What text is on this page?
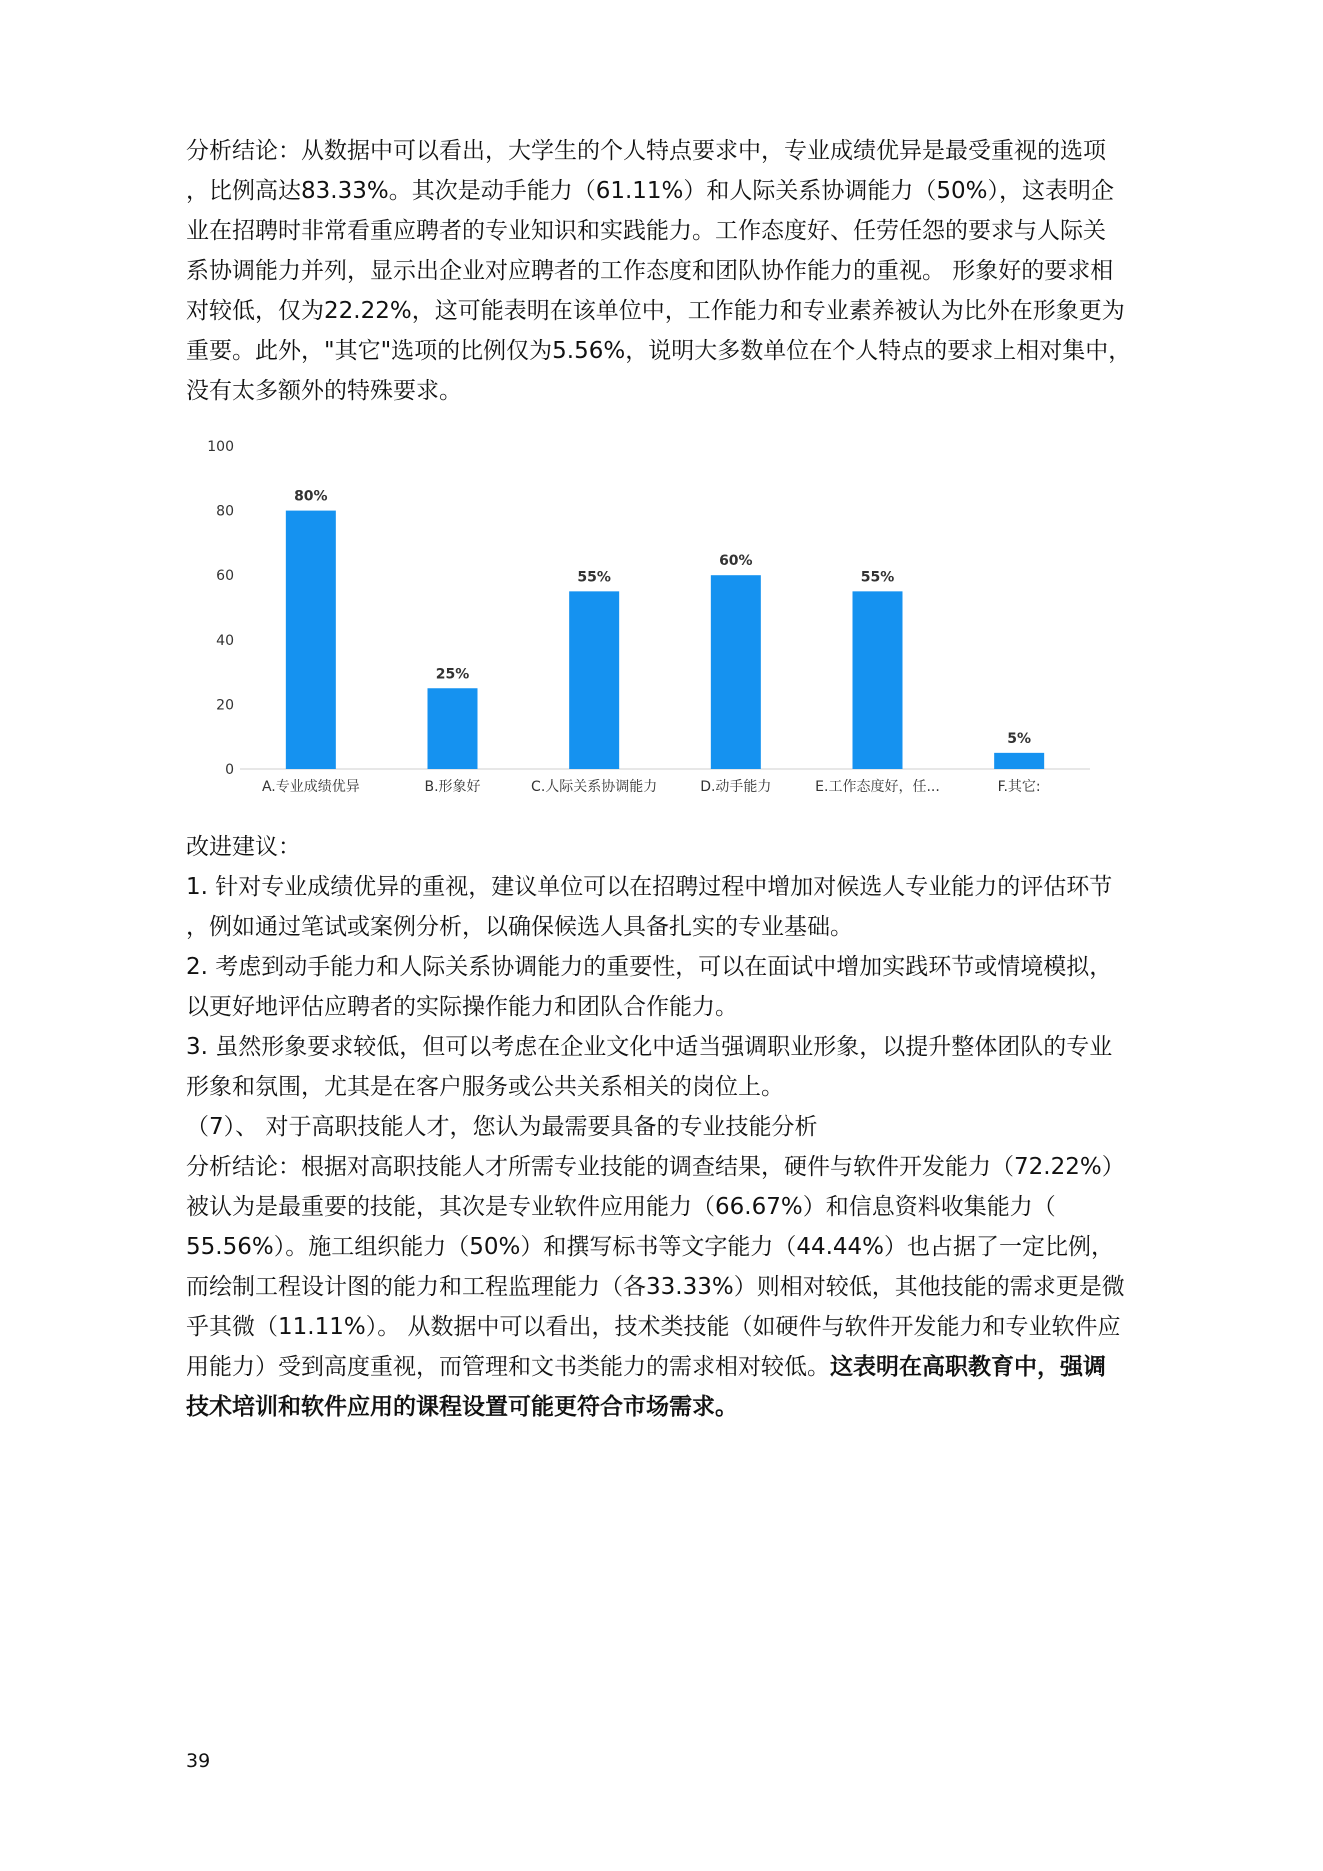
分析结论：从数据中可以看出，大学生的个人特点要求中，专业成绩优异是最受重视的选项
，比例高达83.33%。其次是动手能力（61.11%）和人际关系协调能力（50%），这表明企
业在招聘时非常看重应聘者的专业知识和实践能力。工作态度好、任劳任怨的要求与人际关
系协调能力并列，显示出企业对应聘者的工作态度和团队协作能力的重视。 形象好的要求相
对较低，仅为22.22%，这可能表明在该单位中，工作能力和专业素养被认为比外在形象更为
重要。此外，"其它"选项的比例仅为5.56%，说明大多数单位在个人特点的要求上相对集中，
没有太多额外的特殊要求。
0
20
40
60
80
100
80%
A.专业成绩优异
25%
B.形象好
55%
C.人际关系协调能力
60%
D.动手能力
55%
E.工作态度好，任...
5%
F.其它:
改进建议：
1. 针对专业成绩优异的重视，建议单位可以在招聘过程中增加对候选人专业能力的评估环节
，例如通过笔试或案例分析，以确保候选人具备扎实的专业基础。
2. 考虑到动手能力和人际关系协调能力的重要性，可以在面试中增加实践环节或情境模拟，
以更好地评估应聘者的实际操作能力和团队合作能力。
3. 虽然形象要求较低，但可以考虑在企业文化中适当强调职业形象，以提升整体团队的专业
形象和氛围，尤其是在客户服务或公共关系相关的岗位上。
（7）、 对于高职技能人才，您认为最需要具备的专业技能分析
分析结论：根据对高职技能人才所需专业技能的调查结果，硬件与软件开发能力（72.22%）
被认为是最重要的技能，其次是专业软件应用能力（66.67%）和信息资料收集能力（
55.56%）。施工组织能力（50%）和撰写标书等文字能力（44.44%）也占据了一定比例，
而绘制工程设计图的能力和工程监理能力（各33.33%）则相对较低，其他技能的需求更是微
乎其微（11.11%）。 从数据中可以看出，技术类技能（如硬件与软件开发能力和专业软件应
用能力）受到高度重视，而管理和文书类能力的需求相对较低。这表明在高职教育中，强调
技术培训和软件应用的课程设置可能更符合市场需求。
39
